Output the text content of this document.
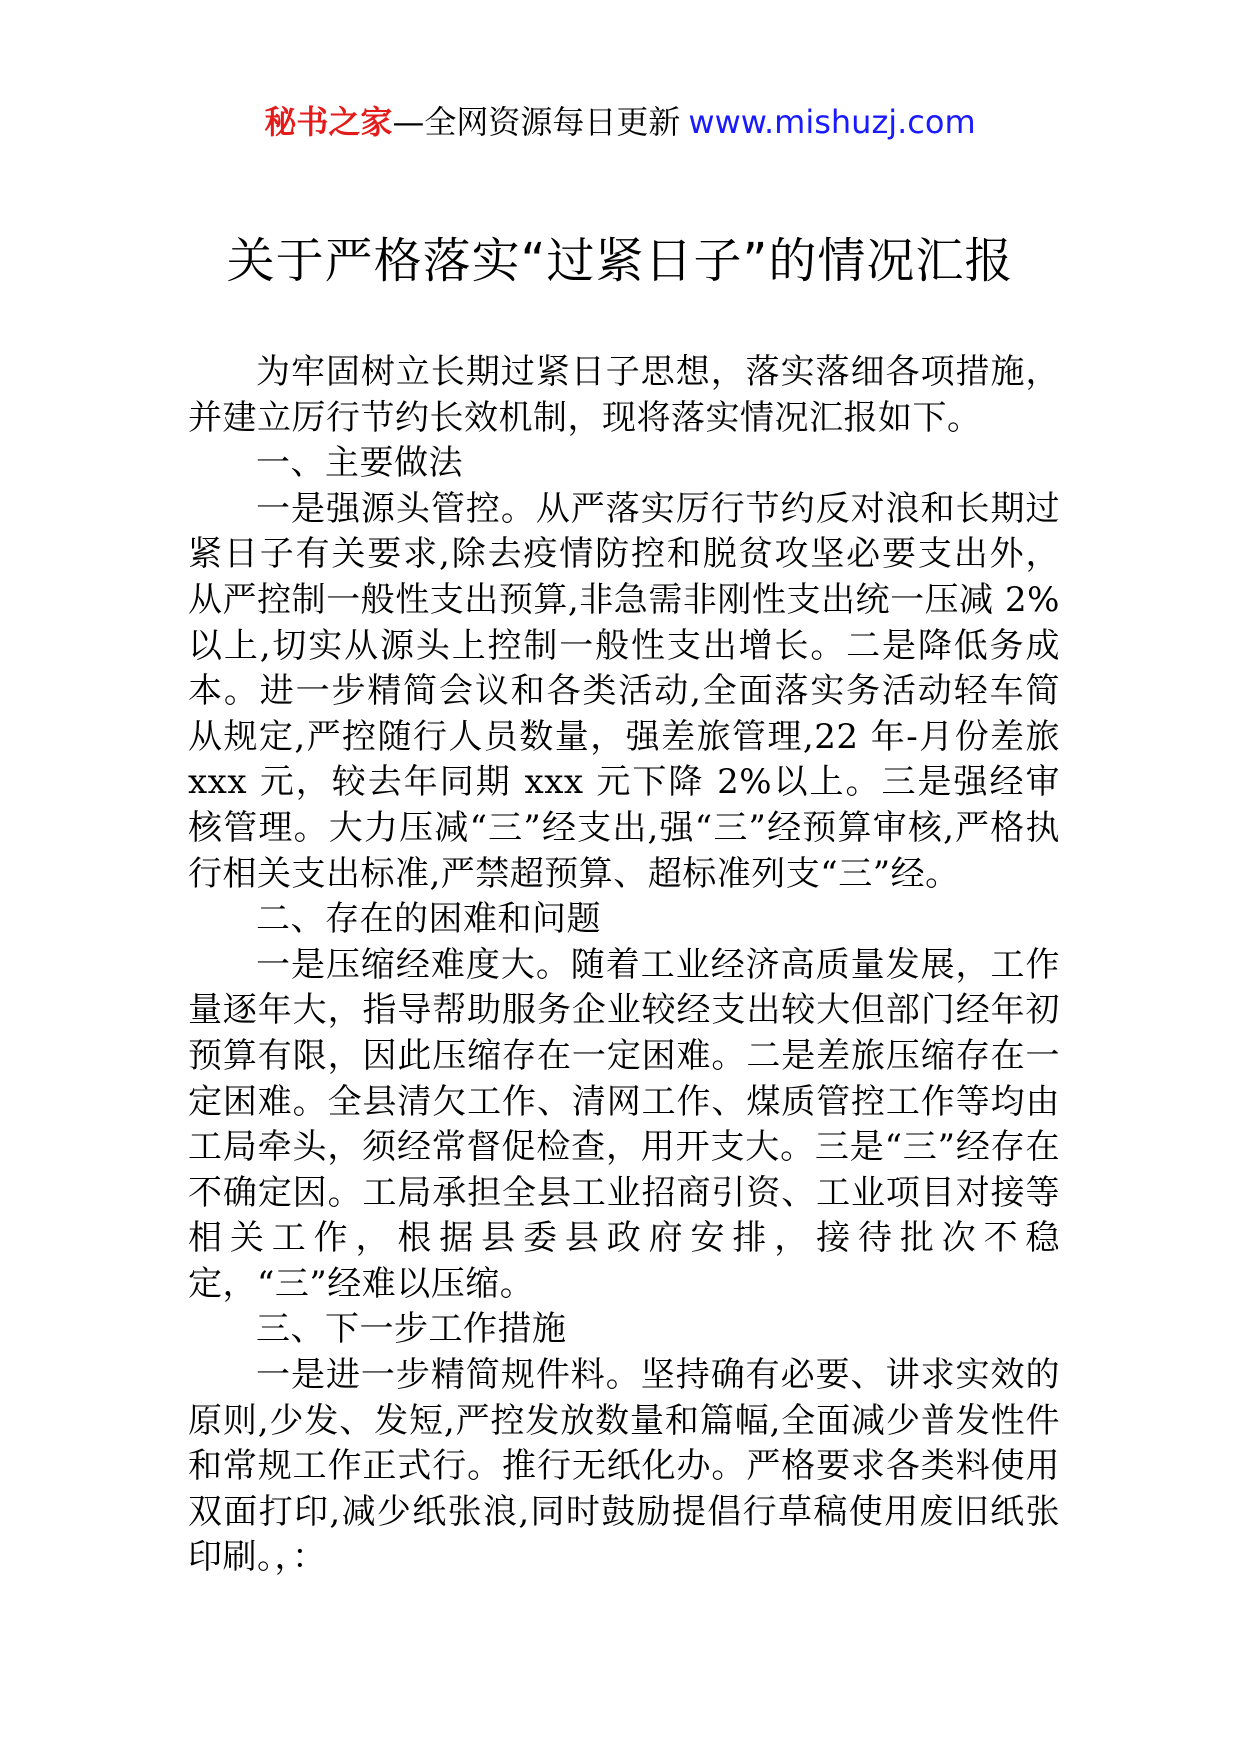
秘书之家—全网资源每日更新 www.mishuzj.com
关于严格落实“过紧日子”的情况汇报

为牢固树立长期过紧日子思想，落实落细各项措施，并建立厉行节约长效机制，现将落实情况汇报如下。

一、主要做法

一是强源头管控。从严落实厉行节约反对浪和长期过紧日子有关要求,除去疫情防控和脱贫攻坚必要支出外，从严控制一般性支出预算,非急需非刚性支出统一压减 2%以上,切实从源头上控制一般性支出增长。二是降低务成本。进一步精简会议和各类活动,全面落实务活动轻车简从规定,严控随行人员数量，强差旅管理,22 年-月份差旅 xxx 元，较去年同期 xxx 元下降 2%以上。三是强经审核管理。大力压减“三”经支出,强“三”经预算审核,严格执行相关支出标准,严禁超预算、超标准列支“三”经。

二、存在的困难和问题

一是压缩经难度大。随着工业经济高质量发展，工作量逐年大，指导帮助服务企业较经支出较大但部门经年初预算有限，因此压缩存在一定困难。二是差旅压缩存在一定困难。全县清欠工作、清网工作、煤质管控工作等均由工局牵头，须经常督促检查，用开支大。三是“三”经存在不确定因。工局承担全县工业招商引资、工业项目对接等相关工作，根据县委县政府安排，接待批次不稳定，“三”经难以压缩。

三、下一步工作措施

一是进一步精简规件料。坚持确有必要、讲求实效的原则,少发、发短,严控发放数量和篇幅,全面减少普发性件和常规工作正式行。推行无纸化办。严格要求各类料使用双面打印,减少纸张浪,同时鼓励提倡行草稿使用废旧纸张印刷。，：
